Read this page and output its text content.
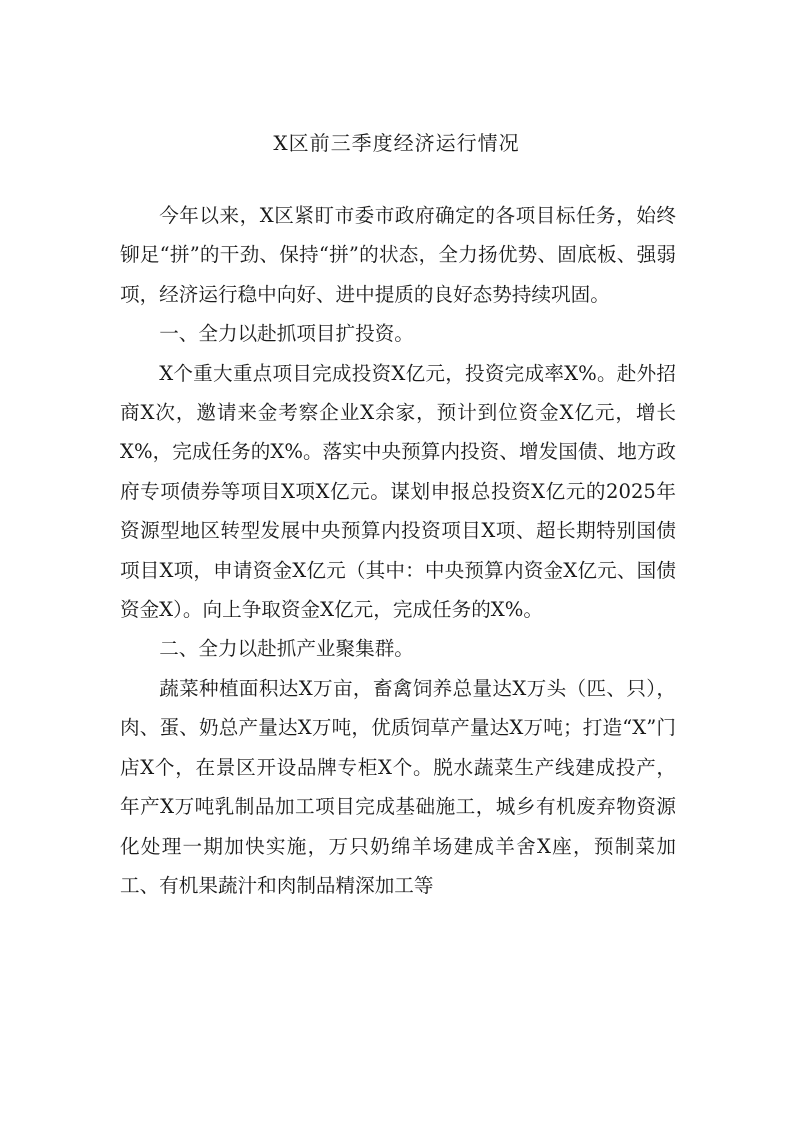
X区前三季度经济运行情况

今年以来，X区紧盯市委市政府确定的各项目标任务，始终铆足“拼”的干劲、保持“拼”的状态，全力扬优势、固底板、强弱项，经济运行稳中向好、进中提质的良好态势持续巩固。

一、全力以赴抓项目扩投资。

X个重大重点项目完成投资X亿元，投资完成率X%。赴外招商X次，邀请来金考察企业X余家，预计到位资金X亿元，增长X%，完成任务的X%。落实中央预算内投资、增发国债、地方政府专项债券等项目X项X亿元。谋划申报总投资X亿元的2025年资源型地区转型发展中央预算内投资项目X项、超长期特别国债项目X项，申请资金X亿元（其中：中央预算内资金X亿元、国债资金X）。向上争取资金X亿元，完成任务的X%。

二、全力以赴抓产业聚集群。

蔬菜种植面积达X万亩，畜禽饲养总量达X万头（匹、只），肉、蛋、奶总产量达X万吨，优质饲草产量达X万吨；打造“X”门店X个，在景区开设品牌专柜X个。脱水蔬菜生产线建成投产，年产X万吨乳制品加工项目完成基础施工，城乡有机废弃物资源化处理一期加快实施，万只奶绵羊场建成羊舍X座，预制菜加工、有机果蔬汁和肉制品精深加工等
